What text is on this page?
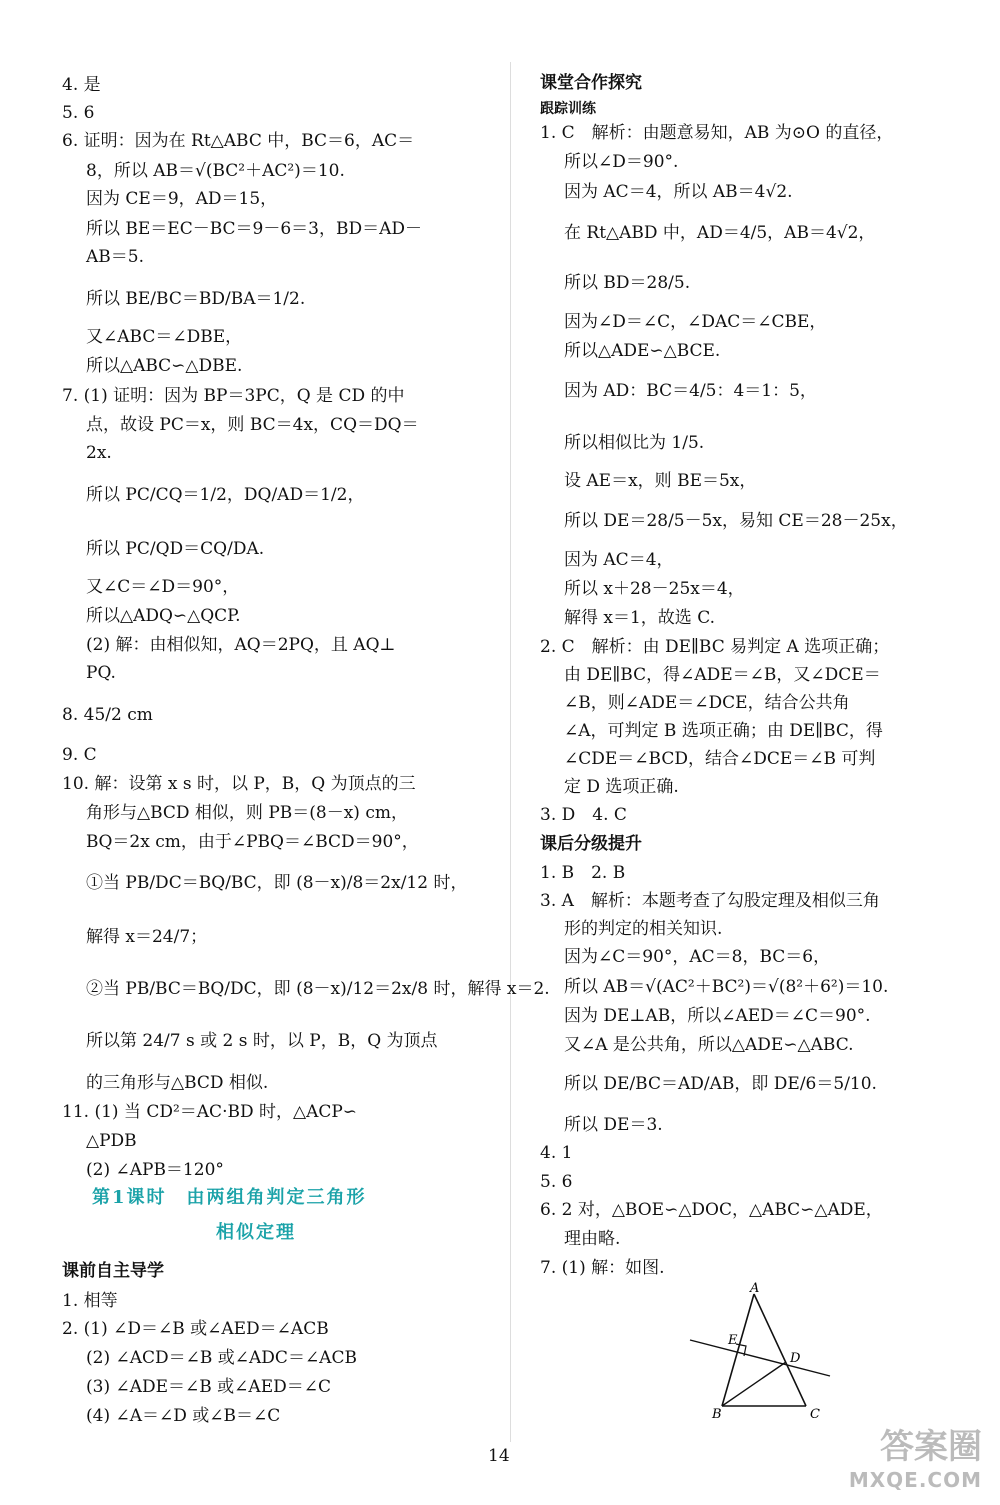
4. 是
5. 6
6. 证明：因为在 Rt△ABC 中，BC＝6，AC＝
8，所以 AB＝√(BC²＋AC²)＝10.
因为 CE＝9，AD＝15，
所以 BE＝EC－BC＝9－6＝3，BD＝AD－
AB＝5.
所以 BE/BC＝BD/BA＝1/2.
又∠ABC＝∠DBE，
所以△ABC∽△DBE.
7. (1) 证明：因为 BP＝3PC，Q 是 CD 的中
点，故设 PC＝x，则 BC＝4x，CQ＝DQ＝
2x.
所以 PC/CQ＝1/2，DQ/AD＝1/2，
所以 PC/QD＝CQ/DA.
又∠C＝∠D＝90°，
所以△ADQ∽△QCP.
(2) 解：由相似知，AQ＝2PQ，且 AQ⊥
PQ.
8. 45/2 cm
9. C
10. 解：设第 x s 时，以 P，B，Q 为顶点的三
角形与△BCD 相似，则 PB＝(8－x) cm，
BQ＝2x cm，由于∠PBQ＝∠BCD＝90°，
①当 PB/DC＝BQ/BC，即 (8－x)/8＝2x/12 时，
解得 x＝24/7；
②当 PB/BC＝BQ/DC，即 (8－x)/12＝2x/8 时，解得 x＝2.
所以第 24/7 s 或 2 s 时，以 P，B，Q 为顶点
的三角形与△BCD 相似.
11. (1) 当 CD²＝AC·BD 时，△ACP∽
△PDB
(2) ∠APB＝120°
1. 相等
2. (1) ∠D＝∠B 或∠AED＝∠ACB
(2) ∠ACD＝∠B 或∠ADC＝∠ACB
(3) ∠ADE＝∠B 或∠AED＝∠C
(4) ∠A＝∠D 或∠B＝∠C
1. C　解析：由题意易知，AB 为⊙O 的直径，
所以∠D＝90°.
因为 AC＝4，所以 AB＝4√2.
在 Rt△ABD 中，AD＝4/5，AB＝4√2，
所以 BD＝28/5.
因为∠D＝∠C，∠DAC＝∠CBE，
所以△ADE∽△BCE.
因为 AD：BC＝4/5：4＝1：5，
所以相似比为 1/5.
设 AE＝x，则 BE＝5x，
所以 DE＝28/5－5x，易知 CE＝28－25x，
因为 AC＝4，
所以 x＋28－25x＝4，
解得 x＝1，故选 C.
2. C　解析：由 DE∥BC 易判定 A 选项正确；
由 DE∥BC，得∠ADE＝∠B，又∠DCE＝
∠B，则∠ADE＝∠DCE，结合公共角
∠A，可判定 B 选项正确；由 DE∥BC，得
∠CDE＝∠BCD，结合∠DCE＝∠B 可判
定 D 选项正确.
3. D　4. C
1. B　2. B
3. A　解析：本题考查了勾股定理及相似三角
形的判定的相关知识.
因为∠C＝90°，AC＝8，BC＝6，
所以 AB＝√(AC²＋BC²)＝√(8²＋6²)＝10.
因为 DE⊥AB，所以∠AED＝∠C＝90°.
又∠A 是公共角，所以△ADE∽△ABC.
所以 DE/BC＝AD/AB，即 DE/6＝5/10.
所以 DE＝3.
4. 1
5. 6
6. 2 对，△BOE∽△DOC，△ABC∽△ADE，
理由略.
7. (1) 解：如图.
第1课时　由两组角判定三角形
相似定理
课前自主导学
课堂合作探究
跟踪训练
课后分级提升
A
E
D
B	C
14	答案圈
MXQE.COM
